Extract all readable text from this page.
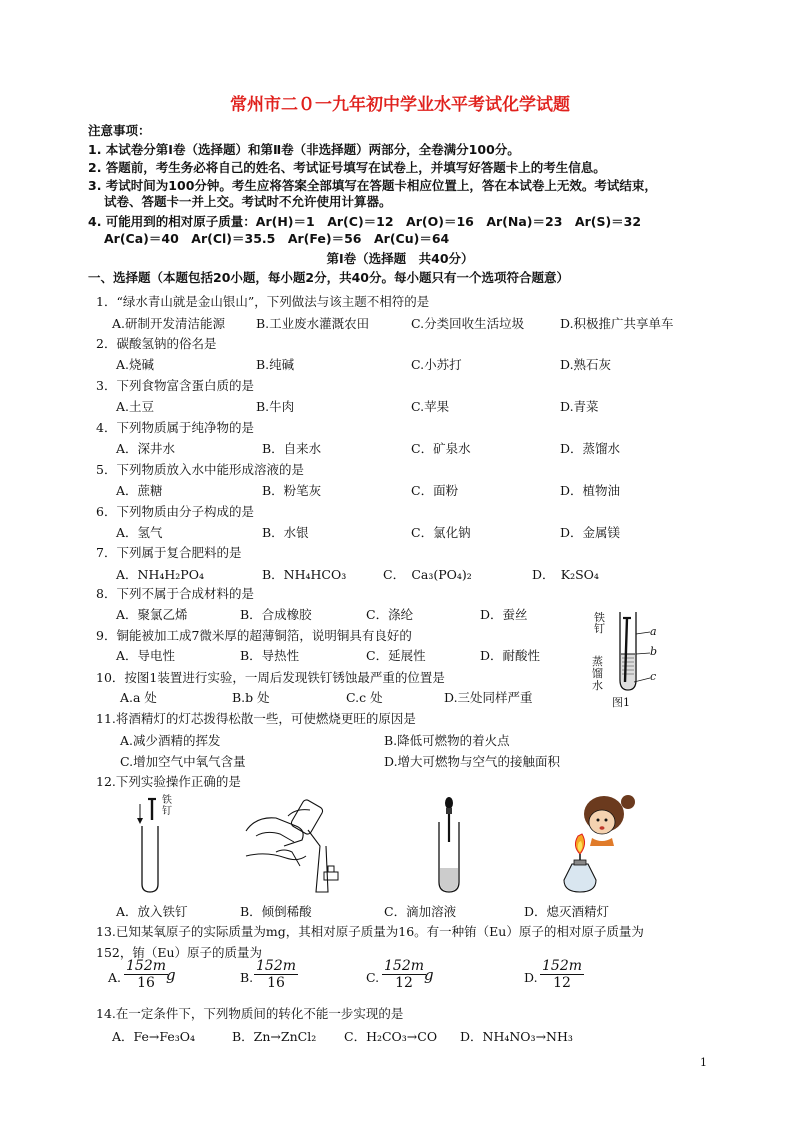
常州市二０一九年初中学业水平考试化学试题
注意事项：
1. 本试卷分第Ⅰ卷（选择题）和第Ⅱ卷（非选择题）两部分，全卷满分100分。
2. 答题前，考生务必将自己的姓名、考试证号填写在试卷上，并填写好答题卡上的考生信息。
3. 考试时间为100分钟。考生应将答案全部填写在答题卡相应位置上，答在本试卷上无效。考试结束，
试卷、答题卡一并上交。考试时不允许使用计算器。
4. 可能用到的相对原子质量：Ar(H)＝1　Ar(C)＝12　Ar(O)＝16　Ar(Na)＝23　Ar(S)＝32
Ar(Ca)＝40　Ar(Cl)＝35.5　Ar(Fe)＝56　Ar(Cu)＝64
第Ⅰ卷（选择题　共40分）
一、选择题（本题包括20小题，每小题2分，共40分。每小题只有一个选项符合题意）
1．“绿水青山就是金山银山”，下列做法与该主题不相符的是
A.研制开发清洁能源 B.工业废水灌溉农田	C.分类回收生活垃圾	D.积极推广共享单车
2．碳酸氢钠的俗名是
A.烧碱	B.纯碱	C.小苏打	D.熟石灰
3．下列食物富含蛋白质的是
A.土豆	B.牛肉	C.苹果	D.青菜
4．下列物质属于纯净物的是
A．深井水	B．自来水	C．矿泉水	D．蒸馏水
5．下列物质放入水中能形成溶液的是
A．蔗糖	B．粉笔灰	C．面粉	D．植物油
6．下列物质由分子构成的是
A．氢气	B．水银	C．氯化钠	D．金属镁
7．下列属于复合肥料的是
A．NH₄H₂PO₄	B．NH₄HCO₃	C．　Ca₃(PO₄)₂	D．　K₂SO₄
8．下列不属于合成材料的是
A．聚氯乙烯	B．合成橡胶	C．涤纶	D．蚕丝
9．铜能被加工成7微米厚的超薄铜箔，说明铜具有良好的
A．导电性	B．导热性	C．延展性	D．耐酸性
10．按图1装置进行实验，一周后发现铁钉锈蚀最严重的位置是
A.a 处	B.b 处	C.c 处	D.三处同样严重
铁
钉
蒸
馏
水
a
b
c
图1
11.将酒精灯的灯芯拨得松散一些，可使燃烧更旺的原因是
A.减少酒精的挥发	B.降低可燃物的着火点
C.增加空气中氧气含量	D.增大可燃物与空气的接触面积
12.下列实验操作正确的是
铁
钉
A．放入铁钉	B．倾倒稀酸	C．滴加溶液	D．熄灭酒精灯
13.已知某氧原子的实际质量为mg，其相对原子质量为16。有一种铕（Eu）原子的相对原子质量为
152，铕（Eu）原子的质量为
A. $\frac{152m}{16}$
g	B. $\frac{152m}{16}$	C. $\frac{152m}{12}$
g	D. $\frac{152m}{12}$
14.在一定条件下，下列物质间的转化不能一步实现的是
A．Fe→Fe₃O₄	B．Zn→ZnCl₂ C．H₂CO₃→CO D．NH₄NO₃→NH₃
1
